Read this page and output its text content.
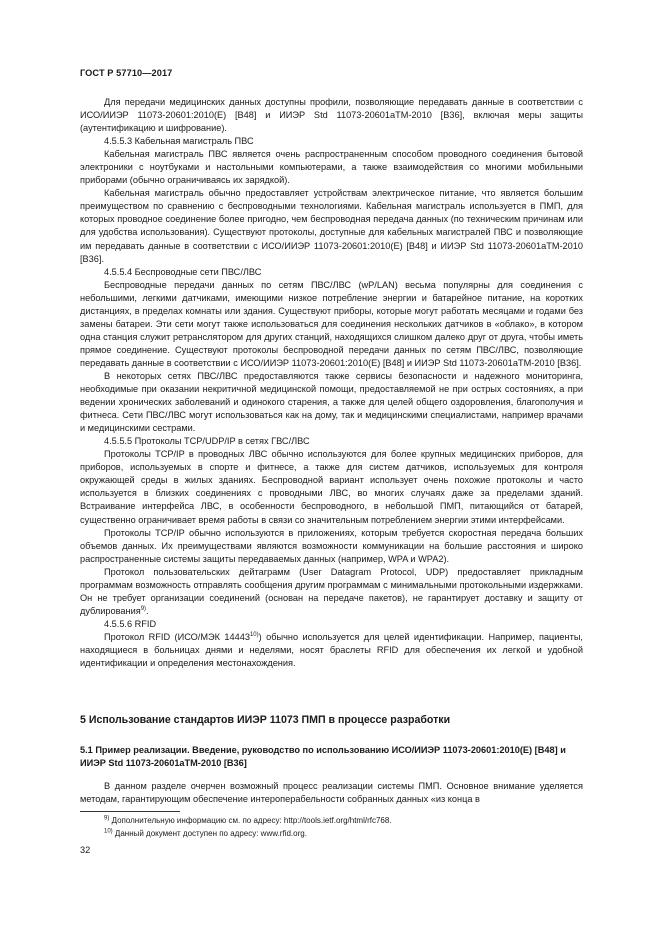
ГОСТ Р 57710—2017

Для передачи медицинских данных доступны профили, позволяющие передавать данные в соответствии с ИСО/ИИЭР 11073-20601:2010(E) [B48] и ИИЭР Std 11073-20601aTM-2010 [B36], включая меры защиты (аутентификацию и шифрование).

4.5.5.3 Кабельная магистраль ПВС

Кабельная магистраль ПВС является очень распространенным способом проводного соединения бытовой электроники с ноутбуками и настольными компьютерами, а также взаимодействия со многими мобильными приборами (обычно ограничиваясь их зарядкой).

Кабельная магистраль обычно предоставляет устройствам электрическое питание, что является большим преимуществом по сравнению с беспроводными технологиями. Кабельная магистраль используется в ПМП, для которых проводное соединение более пригодно, чем беспроводная передача данных (по техническим причинам или для удобства использования). Существуют протоколы, доступные для кабельных магистралей ПВС и позволяющие им передавать данные в соответствии с ИСО/ИИЭР 11073-20601:2010(E) [B48] и ИИЭР Std 11073-20601aTM-2010 [B36].

4.5.5.4 Беспроводные сети ПВС/ЛВС

Беспроводные передачи данных по сетям ПВС/ЛВС (wP/LAN) весьма популярны для соединения с небольшими, легкими датчиками, имеющими низкое потребление энергии и батарейное питание, на коротких дистанциях, в пределах комнаты или здания. Существуют приборы, которые могут работать месяцами и годами без замены батареи. Эти сети могут также использоваться для соединения нескольких датчиков в «облако», в котором одна станция служит ретранслятором для других станций, находящихся слишком далеко друг от друга, чтобы иметь прямое соединение. Существуют протоколы беспроводной передачи данных по сетям ПВС/ЛВС, позволяющие передавать данные в соответствии с ИСО/ИИЭР 11073-20601:2010(E) [B48] и ИИЭР Std 11073-20601aTM-2010 [B36].

В некоторых сетях ПВС/ЛВС предоставляются также сервисы безопасности и надежного мониторинга, необходимые при оказании некритичной медицинской помощи, предоставляемой не при острых состояниях, а при ведении хронических заболеваний и одинокого старения, а также для целей общего оздоровления, благополучия и фитнеса. Сети ПВС/ЛВС могут использоваться как на дому, так и медицинскими специалистами, например врачами и медицинскими сестрами.

4.5.5.5 Протоколы TCP/UDP/IP в сетях ГВС/ЛВС

Протоколы TCP/IP в проводных ЛВС обычно используются для более крупных медицинских приборов, для приборов, используемых в спорте и фитнесе, а также для систем датчиков, используемых для контроля окружающей среды в жилых зданиях. Беспроводной вариант использует очень похожие протоколы и часто используется в близких соединениях с проводными ЛВС, во многих случаях даже за пределами зданий. Встраивание интерфейса ЛВС, в особенности беспроводного, в небольшой ПМП, питающийся от батарей, существенно ограничивает время работы в связи со значительным потреблением энергии этими интерфейсами.

Протоколы TCP/IP обычно используются в приложениях, которым требуется скоростная передача больших объемов данных. Их преимуществами являются возможности коммуникации на большие расстояния и широко распространенные системы защиты передаваемых данных (например, WPA и WPA2).

Протокол пользовательских дейтаграмм (User Datagram Protocol, UDP) предоставляет прикладным программам возможность отправлять сообщения другим программам с минимальными протокольными издержками. Он не требует организации соединений (основан на передаче пакетов), не гарантирует доставку и защиту от дублирования$^{9)}$.

4.5.5.6 RFID

Протокол RFID (ИСО/МЭК 14443$^{10)}$) обычно используется для целей идентификации. Например, пациенты, находящиеся в больницах днями и неделями, носят браслеты RFID для обеспечения их легкой и удобной идентификации и определения местонахождения.

5 Использование стандартов ИИЭР 11073 ПМП в процессе разработки
5.1 Пример реализации. Введение, руководство по использованию ИСО/ИИЭР 11073-20601:2010(E) [B48] и ИИЭР Std 11073-20601aTM-2010 [B36]

В данном разделе очерчен возможный процесс реализации системы ПМП. Основное внимание уделяется методам, гарантирующим обеспечение интероперабельности собранных данных «из конца в

$^{9)}$ Дополнительную информацию см. по адресу: http://tools.ietf.org/html/rfc768.
$^{10)}$ Данный документ доступен по адресу: www.rfid.org.
32
